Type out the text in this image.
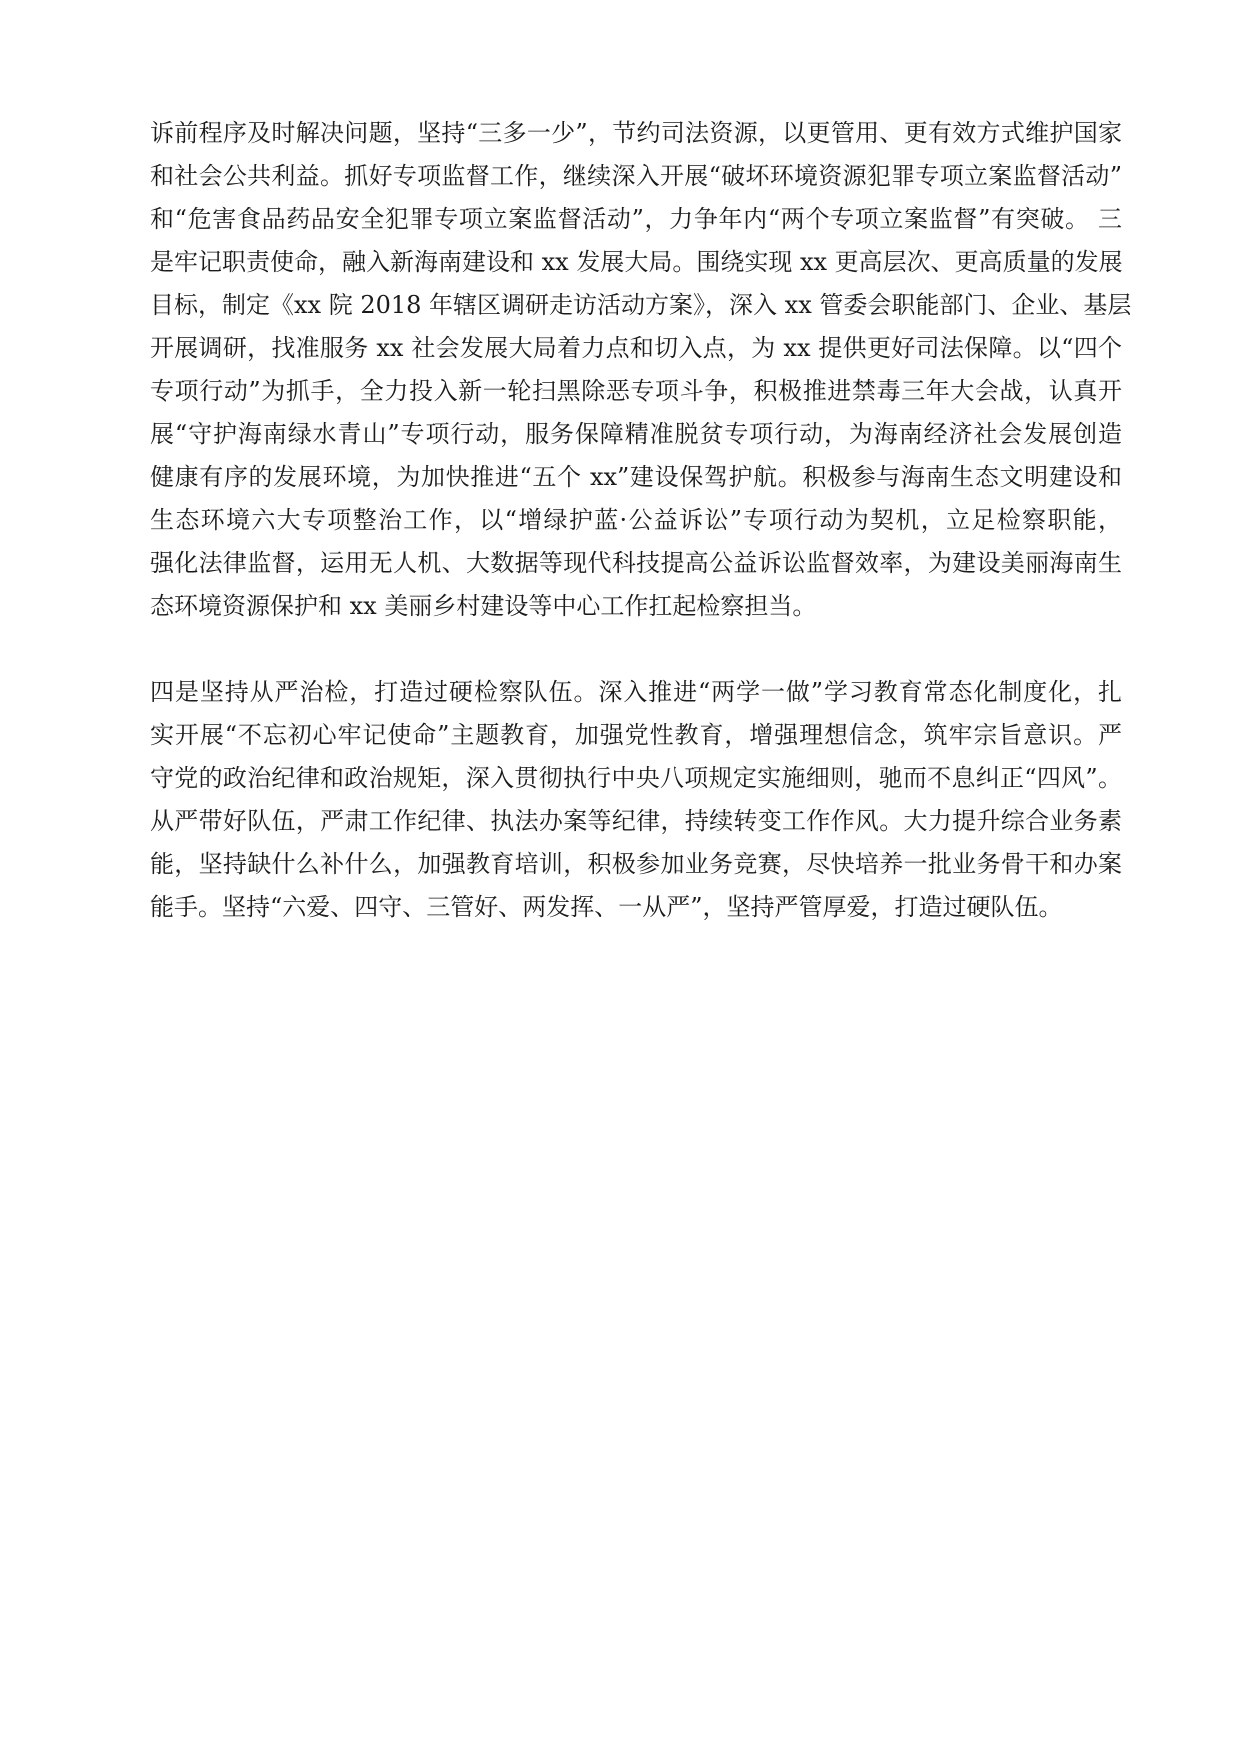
诉前程序及时解决问题，坚持“三多一少”，节约司法资源，以更管用、更有效方式维护国家
和社会公共利益。抓好专项监督工作，继续深入开展“破坏环境资源犯罪专项立案监督活动”
和“危害食品药品安全犯罪专项立案监督活动”，力争年内“两个专项立案监督”有突破。 三
是牢记职责使命，融入新海南建设和 xx 发展大局。围绕实现 xx 更高层次、更高质量的发展
目标，制定《xx 院 2018 年辖区调研走访活动方案》，深入 xx 管委会职能部门、企业、基层
开展调研，找准服务 xx 社会发展大局着力点和切入点，为 xx 提供更好司法保障。以“四个
专项行动”为抓手，全力投入新一轮扫黑除恶专项斗争，积极推进禁毒三年大会战，认真开
展“守护海南绿水青山”专项行动，服务保障精准脱贫专项行动，为海南经济社会发展创造
健康有序的发展环境，为加快推进“五个 xx”建设保驾护航。积极参与海南生态文明建设和
生态环境六大专项整治工作，以“增绿护蓝·公益诉讼”专项行动为契机，立足检察职能，
强化法律监督，运用无人机、大数据等现代科技提高公益诉讼监督效率，为建设美丽海南生
态环境资源保护和 xx 美丽乡村建设等中心工作扛起检察担当。
四是坚持从严治检，打造过硬检察队伍。深入推进“两学一做”学习教育常态化制度化，扎
实开展“不忘初心牢记使命”主题教育，加强党性教育，增强理想信念，筑牢宗旨意识。严
守党的政治纪律和政治规矩，深入贯彻执行中央八项规定实施细则，驰而不息纠正“四风”。
从严带好队伍，严肃工作纪律、执法办案等纪律，持续转变工作作风。大力提升综合业务素
能，坚持缺什么补什么，加强教育培训，积极参加业务竞赛，尽快培养一批业务骨干和办案
能手。坚持“六爱、四守、三管好、两发挥、一从严”，坚持严管厚爱，打造过硬队伍。
